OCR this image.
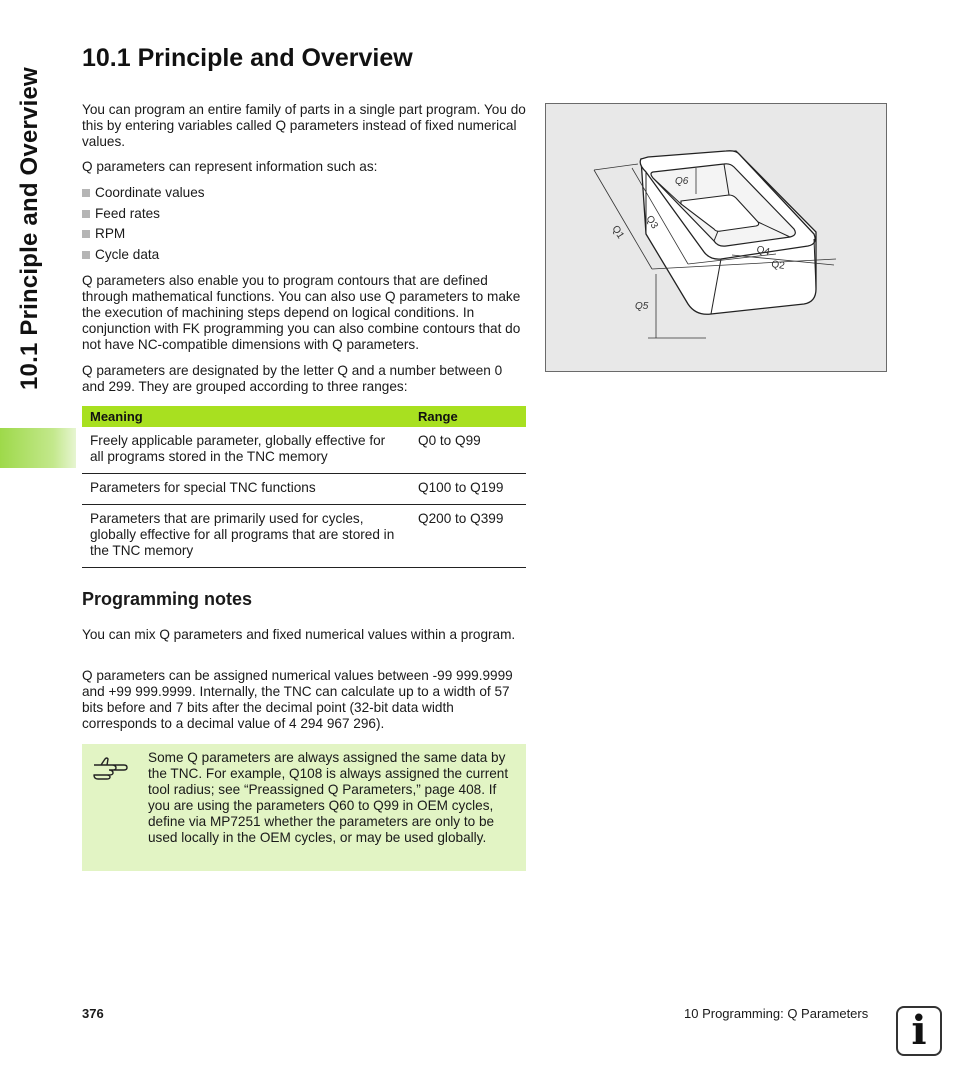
10.1 Principle and Overview
10.1 Principle and Overview

You can program an entire family of parts in a single part program. You do this by entering variables called Q parameters instead of fixed numerical values.

Q parameters can represent information such as:

Coordinate values
Feed rates
RPM
Cycle data

Q parameters also enable you to program contours that are defined through mathematical functions. You can also use Q parameters to make the execution of machining steps depend on logical conditions. In conjunction with FK programming you can also combine contours that do not have NC-compatible dimensions with Q parameters.

Q parameters are designated by the letter Q and a number between 0 and 299. They are grouped according to three ranges:

Meaning	Range
Freely applicable parameter, globally effective for all programs stored in the TNC memory	Q0 to Q99
Parameters for special TNC functions	Q100 to Q199
Parameters that are primarily used for cycles, globally effective for all programs that are stored in the TNC memory	Q200 to Q399
Programming notes

You can mix Q parameters and fixed numerical values within a program.

Q parameters can be assigned numerical values between -99 999.9999 and +99 999.9999. Internally, the TNC can calculate up to a width of 57 bits before and 7 bits after the decimal point (32-bit data width corresponds to a decimal value of 4 294 967 296).

Some Q parameters are always assigned the same data by the TNC. For example, Q108 is always assigned the current tool radius; see “Preassigned Q Parameters,” page 408. If you are using the parameters Q60 to Q99 in OEM cycles, define via MP7251 whether the parameters are only to be used locally in the OEM cycles, or may be used globally.

Q1
Q3
Q6
Q4
Q2
Q5
376	10 Programming: Q Parameters	i
